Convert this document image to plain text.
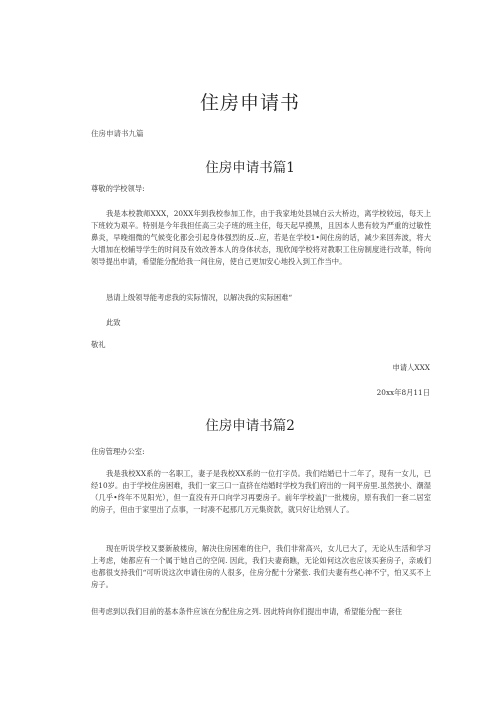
住房申请书
住房申请书九篇
住房申请书篇1
尊敬的学校领导:
我是本校教师XXX，20XX年到我校参加工作，由于我家地处县城白云大桥边，离学校较远，每天上下班较为艰辛。特别是今年我担任高三尖子班的班主任，每天起早摸黑，且因本人患有较为严重的过敏性鼻炎，早晚细微的气候变化都会引起身体强烈的反..应，若是在学校1•间住房的话，减少来回奔波，将大大增加在校辅导学生的时间及有效改善本人的身体状态，现欣闻学校将对教职工住房制度进行改革，特向领导提出申请，希望能分配给我一间住房，使自己更加安心地投入到工作当中。
恳请上级领导能考虑我的实际情况，以解决我的实际困难“
此致
敬礼
申请人XXX
20xx年8月11日
住房申请书篇2
住房管理办公室:
我是我校XX系的一名职工，妻子是我校XX系的一位打字员。我们结婚已十二年了，现有一女儿，已经10岁。由于学校住房困难，我们一家三口一直挤在结婚时学校为我们府出的一间平房里.虽然狭小、潮湿（几乎•终年不见阳光），但一直没有开口向学习再要房子。前年学校盖J'一批楼房，原有我们一套二居室的房子，但由于家里出了点事，一时凑不起那几万元集资款，就只好让给别人了。
现在听说学校又要新赦楼房，解决住房困难的住户，我们非常高兴，女儿已大了，无论从生活和学习上考虑，她都应有一个属于她自己的空间. 因此，我们夫妻商瞧，无论如何这次也应该买套房子，亲戚们也都很支持我们“可听说这次申请住房的人很多，住房分配十分紧张. 我们夫妻有些心神不宁，怕又买不上房子。
但考虑到以我们目前的基本条件应该在分配住房之列. 因此特向你们提出申请，希望能分配一套住
